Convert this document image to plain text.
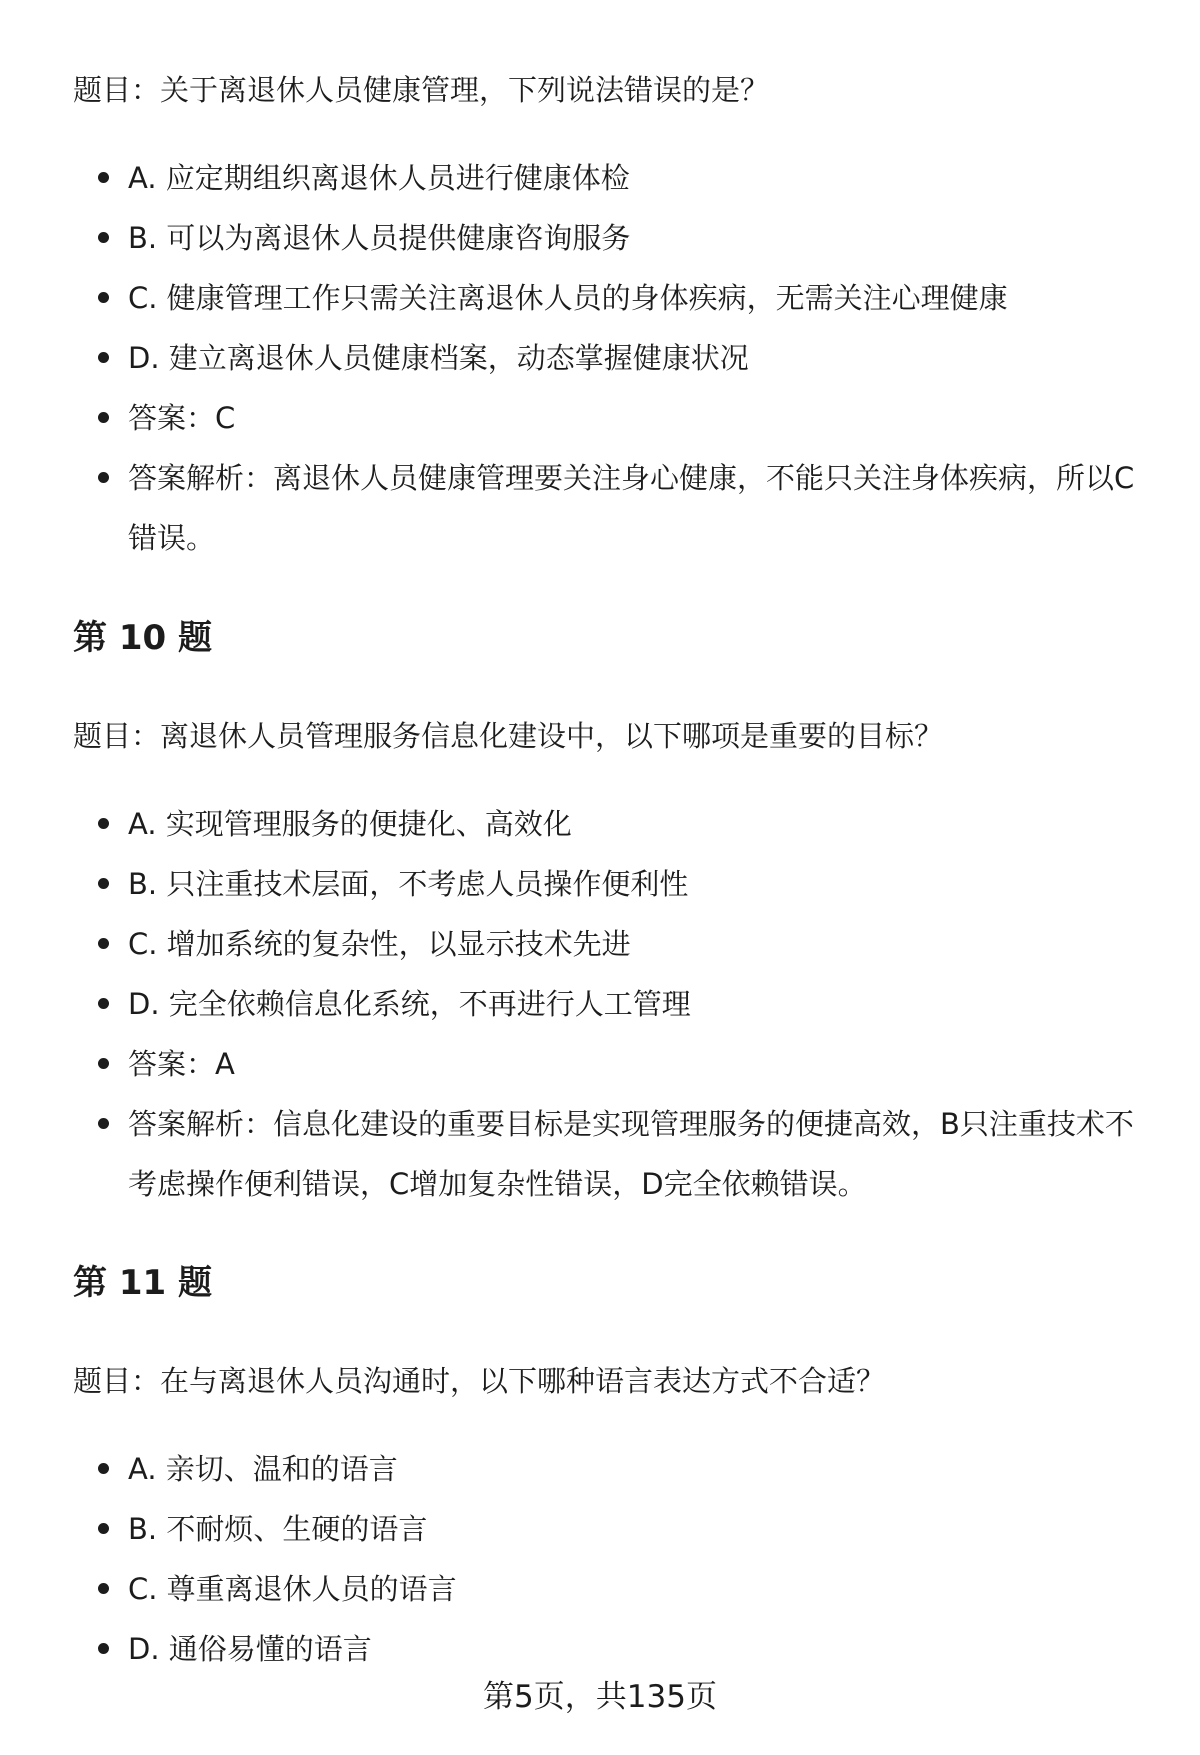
题目：关于离退休人员健康管理，下列说法错误的是？
A. 应定期组织离退休人员进行健康体检
B. 可以为离退休人员提供健康咨询服务
C. 健康管理工作只需关注离退休人员的身体疾病，无需关注心理健康
D. 建立离退休人员健康档案，动态掌握健康状况
答案：C
答案解析：离退休人员健康管理要关注身心健康，不能只关注身体疾病，所以C错误。
第 10 题
题目：离退休人员管理服务信息化建设中，以下哪项是重要的目标？
A. 实现管理服务的便捷化、高效化
B. 只注重技术层面，不考虑人员操作便利性
C. 增加系统的复杂性，以显示技术先进
D. 完全依赖信息化系统，不再进行人工管理
答案：A
答案解析：信息化建设的重要目标是实现管理服务的便捷高效，B只注重技术不考虑操作便利错误，C增加复杂性错误，D完全依赖错误。
第 11 题
题目：在与离退休人员沟通时，以下哪种语言表达方式不合适？
A. 亲切、温和的语言
B. 不耐烦、生硬的语言
C. 尊重离退休人员的语言
D. 通俗易懂的语言
第5页，共135页
